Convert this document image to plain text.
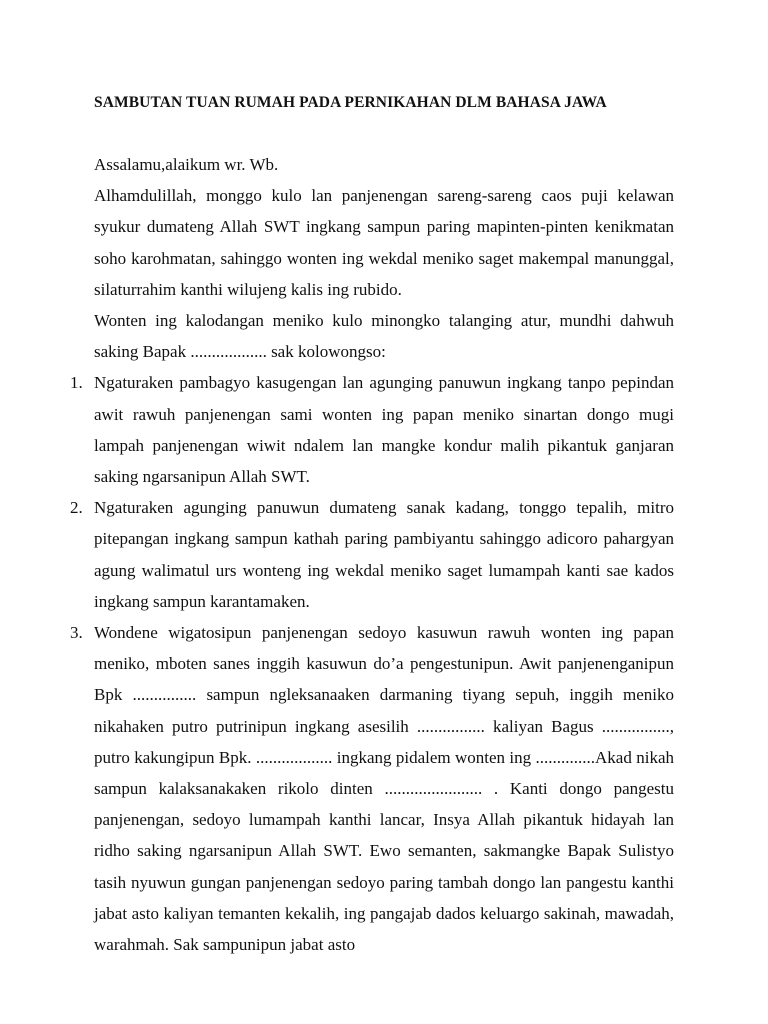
SAMBUTAN TUAN RUMAH PADA PERNIKAHAN DLM BAHASA JAWA

Assalamu,alaikum wr. Wb.

Alhamdulillah, monggo kulo lan panjenengan sareng-sareng caos puji kelawan syukur dumateng Allah SWT ingkang sampun paring mapinten-pinten kenikmatan soho karohmatan, sahinggo wonten ing wekdal meniko saget makempal manunggal, silaturrahim kanthi wilujeng kalis ing rubido.

Wonten ing kalodangan meniko kulo minongko talanging atur, mundhi dahwuh saking Bapak .................. sak kolowongso:

1. Ngaturaken pambagyo kasugengan lan agunging panuwun ingkang tanpo pepindan awit rawuh panjenengan sami wonten ing papan meniko sinartan dongo mugi lampah panjenengan wiwit ndalem lan mangke kondur malih pikantuk ganjaran saking ngarsanipun Allah SWT.
2. Ngaturaken agunging panuwun dumateng sanak kadang, tonggo tepalih, mitro pitepangan ingkang sampun kathah paring pambiyantu sahinggo adicoro pahargyan agung walimatul urs wonteng ing wekdal meniko saget lumampah kanti sae kados ingkang sampun karantamaken.
3. Wondene wigatosipun panjenengan sedoyo kasuwun rawuh wonten ing papan meniko, mboten sanes inggih kasuwun do’a pengestunipun. Awit panjenenganipun Bpk ............... sampun ngleksanaaken darmaning tiyang sepuh, inggih meniko nikahaken putro putrinipun ingkang asesilih ................ kaliyan Bagus ................, putro kakungipun Bpk. .................. ingkang pidalem wonten ing ..............Akad nikah sampun kalaksanakaken rikolo dinten ....................... . Kanti dongo pangestu panjenengan, sedoyo lumampah kanthi lancar, Insya Allah pikantuk hidayah lan ridho saking ngarsanipun Allah SWT. Ewo semanten, sakmangke Bapak Sulistyo tasih nyuwun gungan panjenengan sedoyo paring tambah dongo lan pangestu kanthi jabat asto kaliyan temanten kekalih, ing pangajab dados keluargo sakinah, mawadah, warahmah. Sak sampunipun jabat asto
